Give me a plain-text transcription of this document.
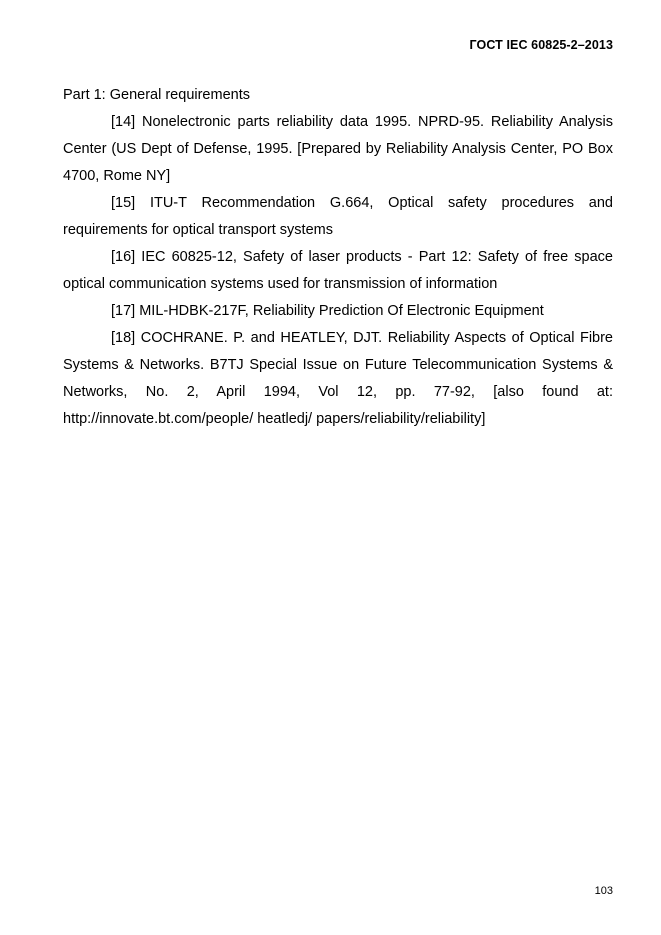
ГОСТ IEC 60825-2–2013

Part 1: General requirements

[14] Nonelectronic parts reliability data 1995. NPRD-95. Reliability Analysis Center (US Dept of Defense, 1995. [Prepared by Reliability Analysis Center, PO Box 4700, Rome NY]

[15] ITU-T Recommendation G.664, Optical safety procedures and requirements for optical transport systems

[16] IEC 60825-12, Safety of laser products - Part 12: Safety of free space optical communication systems used for transmission of information

[17] MIL-HDBK-217F, Reliability Prediction Of Electronic Equipment

[18] COCHRANE. P. and HEATLEY, DJT. Reliability Aspects of Optical Fibre Systems & Networks. B7TJ Special Issue on Future Telecommunication Systems & Networks, No. 2, April 1994, Vol 12, pp. 77-92, [also found at: http://innovate.bt.com/people/ heatledj/ papers/reliability/reliability]

103
